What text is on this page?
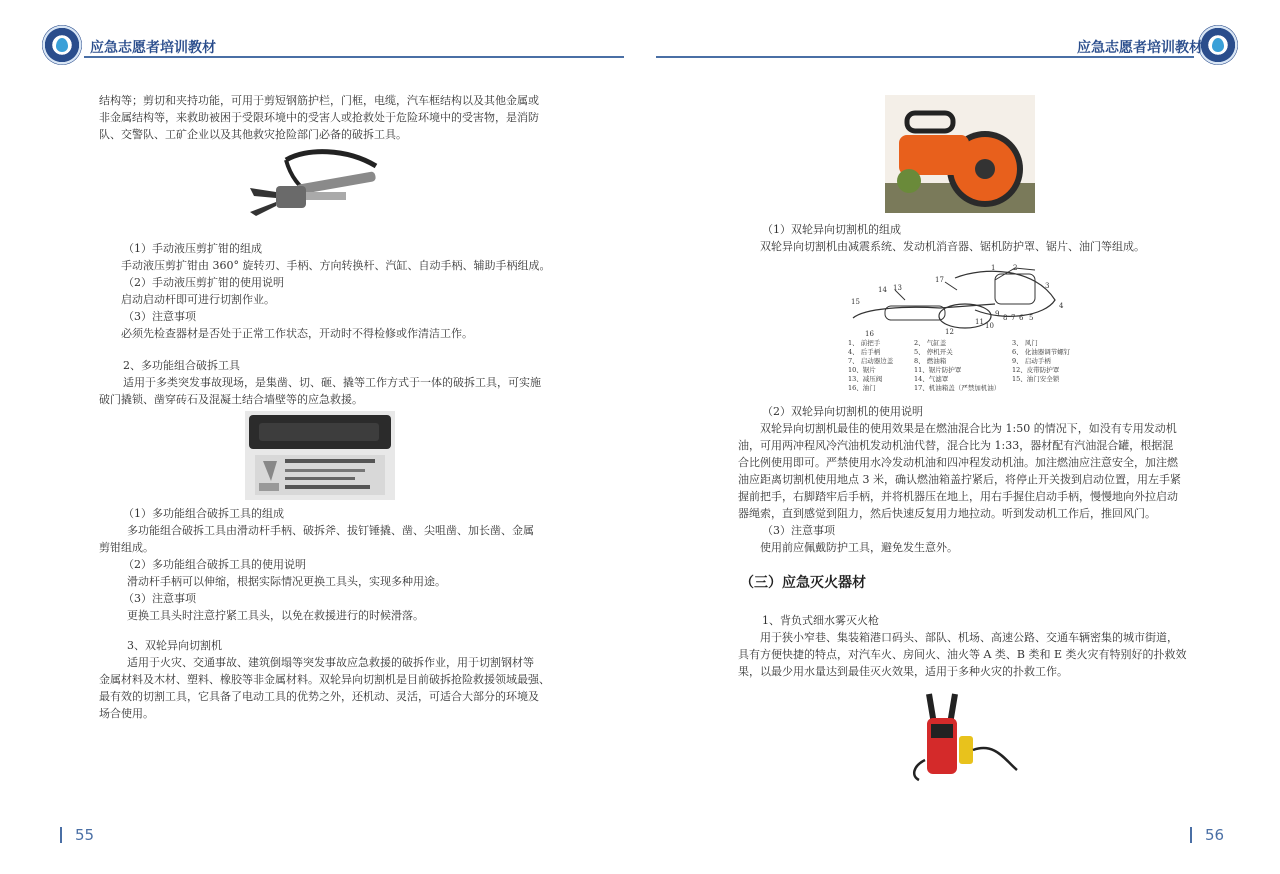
应急志愿者培训教材	应急志愿者培训教材
结构等；剪切和夹持功能，可用于剪短钢筋护栏，门框，电缆，汽车框结构以及其他金属或
非金属结构等，来救助被困于受限环境中的受害人或抢救处于危险环境中的受害物，是消防
队、交警队、工矿企业以及其他救灾抢险部门必备的破拆工具。
（1）手动液压剪扩钳的组成
手动液压剪扩钳由 360° 旋转刃、手柄、方向转换杆、汽缸、自动手柄、辅助手柄组成。
（2）手动液压剪扩钳的使用说明
启动启动杆即可进行切割作业。
（3）注意事项
必须先检查器材是否处于正常工作状态，开动时不得检修或作清洁工作。
2、多功能组合破拆工具
适用于多类突发事故现场，是集凿、切、砸、撬等工作方式于一体的破拆工具，可实施
破门撬锁、凿穿砖石及混凝土结合墙壁等的应急救援。
（1）多功能组合破拆工具的组成
多功能组合破拆工具由滑动杆手柄、破拆斧、拔钉锤撬、凿、尖咀凿、加长凿、金属
剪钳组成。
（2）多功能组合破拆工具的使用说明
滑动杆手柄可以伸缩，根据实际情况更换工具头，实现多种用途。
（3）注意事项
更换工具头时注意拧紧工具头，以免在救援进行的时候滑落。
3、双轮异向切割机
适用于火灾、交通事故、建筑倒塌等突发事故应急救援的破拆作业，用于切割钢材等
金属材料及木材、塑料、橡胶等非金属材料。双轮异向切割机是目前破拆抢险救援领域最强、
最有效的切割工具，它具备了电动工具的优势之外，还机动、灵活，可适合大部分的环境及
场合使用。
55
（1）双轮异向切割机的组成
双轮异向切割机由减震系统、发动机消音器、锯机防护罩、锯片、油门等组成。
17
14 13
15
16	12
11 10
9 8 7 6 5
4
3
2
1
1、 前把手	2、 气缸盖	3、 风门
4、 后手柄	5、 停机开关	6、 化油器调节螺钉
7、 启动器边盖	8、 燃油箱	9、 启动手柄
10、锯片	11、锯片防护罩	12、皮带防护罩
13、减压阀	14、气滤罩	15、油门安全锁
16、油门	17、机油箱盖（严禁加机油）
（2）双轮异向切割机的使用说明
双轮异向切割机最佳的使用效果是在燃油混合比为 1:50 的情况下，如没有专用发动机
油，可用两冲程风冷汽油机发动机油代替，混合比为 1:33，器材配有汽油混合罐，根据混
合比例使用即可。严禁使用水冷发动机油和四冲程发动机油。加注燃油应注意安全，加注燃
油应距离切割机使用地点 3 米，确认燃油箱盖拧紧后，将停止开关拨到启动位置，用左手紧
握前把手，右脚踏牢后手柄，并将机器压在地上，用右手握住启动手柄，慢慢地向外拉启动
器绳索，直到感觉到阻力，然后快速反复用力地拉动。听到发动机工作后，推回风门。
（3）注意事项
使用前应佩戴防护工具，避免发生意外。
（三）应急灭火器材
1、背负式细水雾灭火枪
用于狭小窄巷、集装箱港口码头、部队、机场、高速公路、交通车辆密集的城市街道，
具有方便快捷的特点，对汽车火、房间火、油火等 A 类、B 类和 E 类火灾有特别好的扑救效
果，以最少用水量达到最佳灭火效果，适用于多种火灾的扑救工作。
56
